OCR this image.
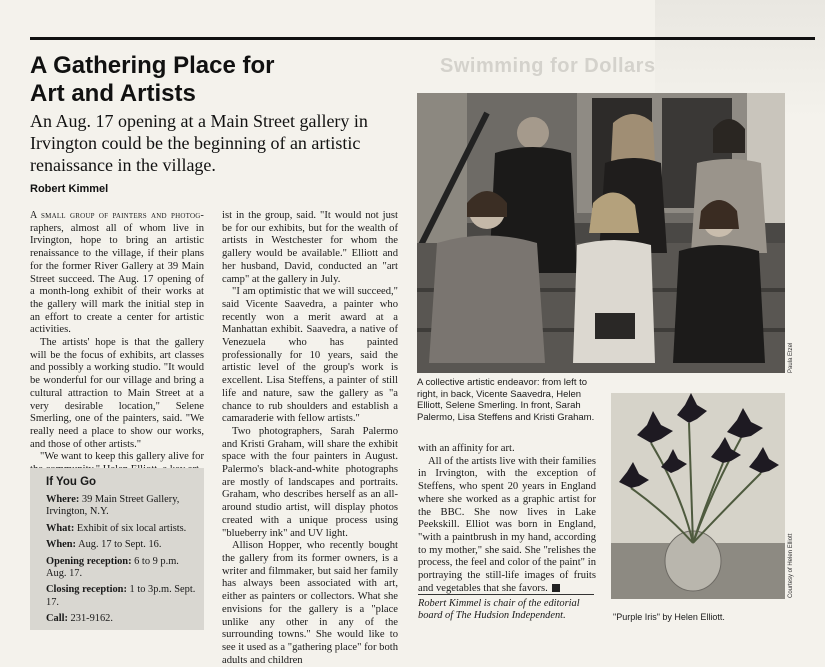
Swimming for Dollars
A Gathering Place for
Art and Artists
An Aug. 17 opening at a Main Street gallery in Irvington could be the beginning of an artistic renaissance in the village.
Robert Kimmel

A small group of painters and photog- raphers, almost all of whom live in Irvington, hope to bring an artistic renaissance to the village, if their plans for the former River Gallery at 39 Main Street succeed. The Aug. 17 opening of a month-long exhibit of their works at the gallery will mark the initial step in an effort to create a center for artistic activities.

The artists' hope is that the gallery will be the focus of exhibits, art classes and possibly a working studio. "It would be wonderful for our village and bring a cultural attraction to Main Street at a very desirable location," Selene Smerling, one of the painters, said. "We really need a place to show our works, and those of other artists."

"We want to keep this gallery alive for

If You Go
Where: 39 Main Street Gallery, Irvington, N.Y.
What: Exhibit of six local artists.
When: Aug. 17 to Sept. 16.
Opening reception: 6 to 9 p.m. Aug. 17.
Closing reception: 1 to 3p.m. Sept. 17.
Call: 231-9162.

ist in the group, said. "It would not just be for our exhibits, but for the wealth of artists in Westchester for whom the gallery would be available." Elliott and her husband, David, conducted an "art camp" at the gallery in July.

"I am optimistic that we will succeed," said Vicente Saavedra, a painter who recently won a merit award at a Manhattan exhibit. Saavedra, a native of Venezuela who has painted professionally for 10 years, said the artistic level of the group's work is excellent. Lisa Steffens, a painter of still life and nature, saw the gallery as "a chance to rub shoulders and establish a camaraderie with fellow artists."

Two photographers, Sarah Palermo and Kristi Graham, will share the exhibit space with the four painters in August. Palermo's black-and-white photographs are mostly of landscapes and portraits. Graham, who describes herself as an all-around studio artist, will display photos created with a unique process using "blueberry ink" and UV light.

Allison Hopper, who recently bought the gallery from its former owners, is a writer and filmmaker, but said her family has always been associated with art, either as painters or collectors. What she envisions for the gallery is a "place unlike any other in any of the surrounding towns." She would like to see it used as a "gathering place" for both adults and children

Paula Etzel
A collective artistic endeavor: from left to right, in back, Vicente Saavedra, Helen Elliott, Selene Smerling. In front, Sarah Palermo, Lisa Steffens and Kristi Graham.

with an affinity for art.

All of the artists live with their families in Irvington, with the exception of Steffens, who spent 20 years in England where she worked as a graphic artist for the BBC. She now lives in Lake Peekskill. Elliot was born in England, "with a paintbrush in my hand, according to my mother," she said. She "relishes the process, the feel and color of the paint" in portraying the still-life images of fruits and vegetables that she favors.

Robert Kimmel is chair of the editorial board of The Hudsion Independent.
Courtesy of Helen Elliott
"Purple Iris" by Helen Elliott.
